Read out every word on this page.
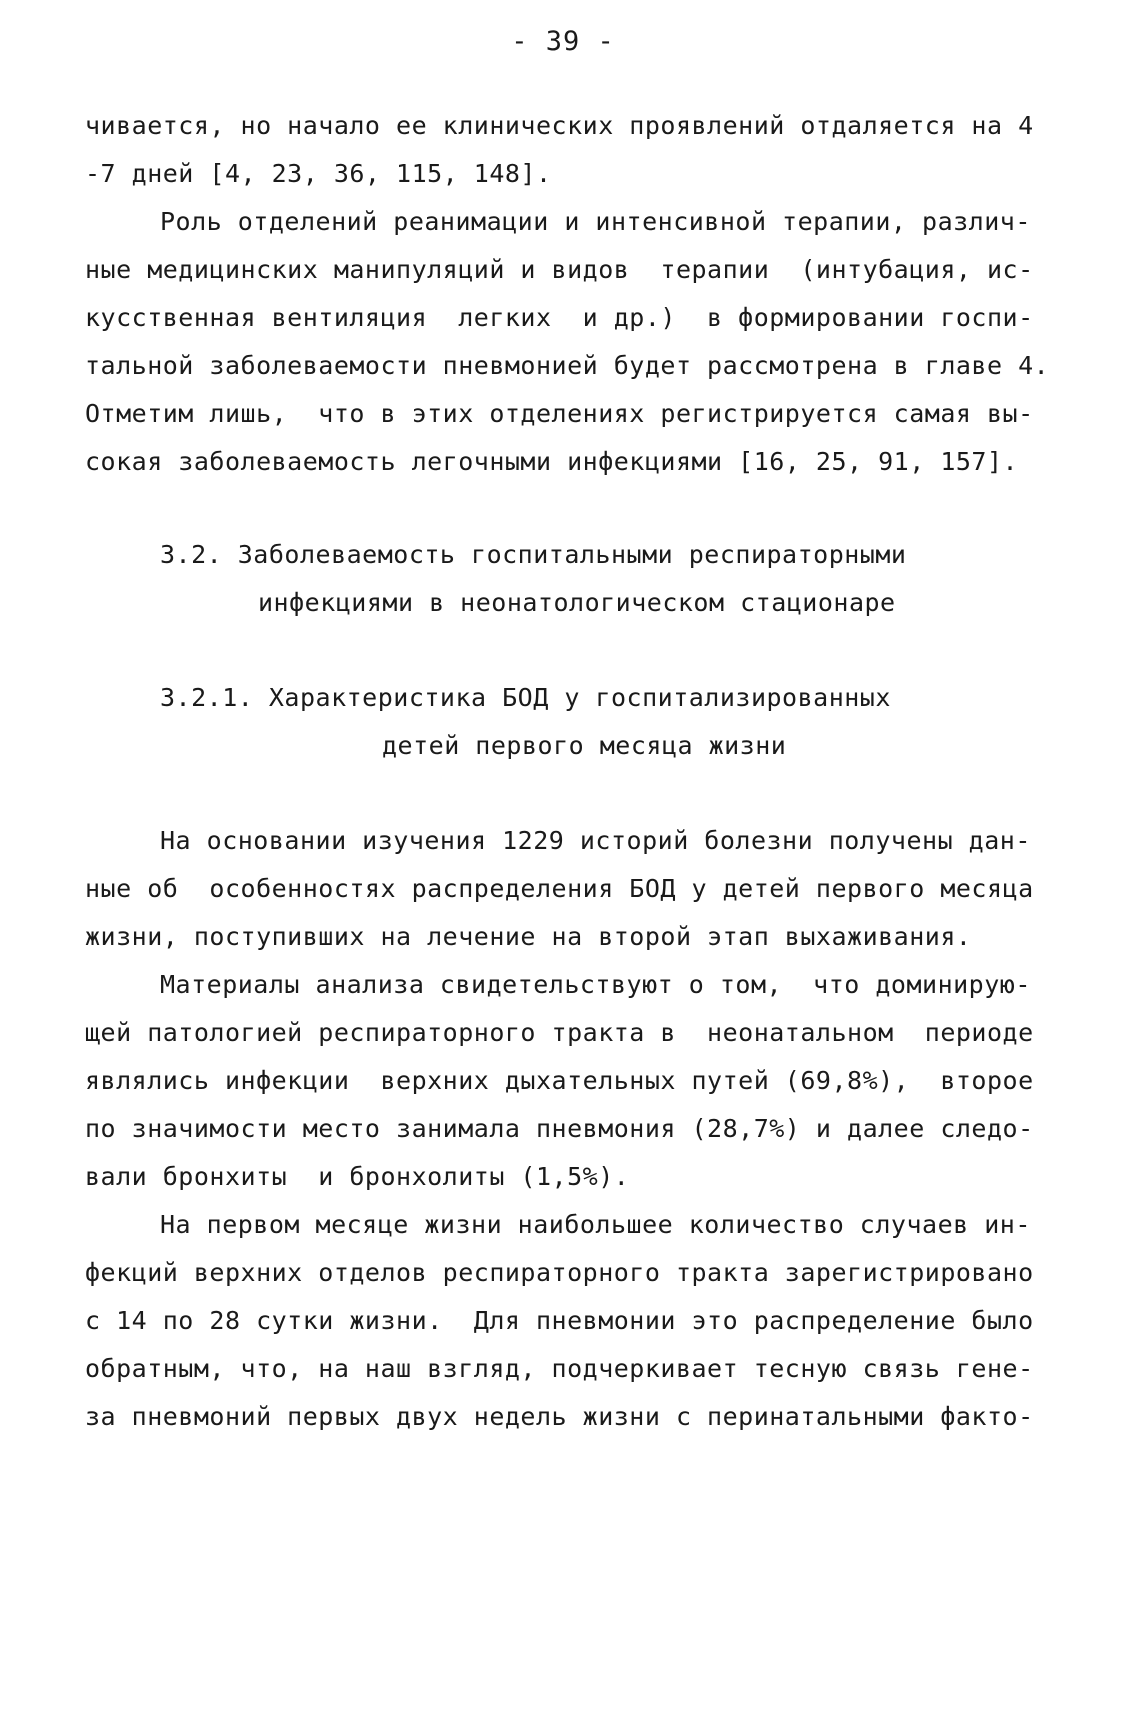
- 39 -
чивается, но начало ее клинических проявлений отдаляется на 4
-7 дней [4, 23, 36, 115, 148].
Роль отделений реанимации и интенсивной терапии, различ-
ные медицинских манипуляций и видов  терапии  (интубация, ис-
кусственная вентиляция  легких  и др.)  в формировании госпи-
тальной заболеваемости пневмонией будет рассмотрена в главе 4.
Отметим лишь,  что в этих отделениях регистрируется самая вы-
сокая заболеваемость легочными инфекциями [16, 25, 91, 157].
3.2. Заболеваемость госпитальными респираторными
инфекциями в неонатологическом стационаре
3.2.1. Характеристика БОД у госпитализированных
детей первого месяца жизни
На основании изучения 1229 историй болезни получены дан-
ные об  особенностях распределения БОД у детей первого месяца
жизни, поступивших на лечение на второй этап выхаживания.
Материалы анализа свидетельствуют о том,  что доминирую-
щей патологией респираторного тракта в  неонатальном  периоде
являлись инфекции  верхних дыхательных путей (69,8%),  второе
по значимости место занимала пневмония (28,7%) и далее следо-
вали бронхиты  и бронхолиты (1,5%).
На первом месяце жизни наибольшее количество случаев ин-
фекций верхних отделов респираторного тракта зарегистрировано
с 14 по 28 сутки жизни.  Для пневмонии это распределение было
обратным, что, на наш взгляд, подчеркивает тесную связь гене-
за пневмоний первых двух недель жизни с перинатальными факто-
